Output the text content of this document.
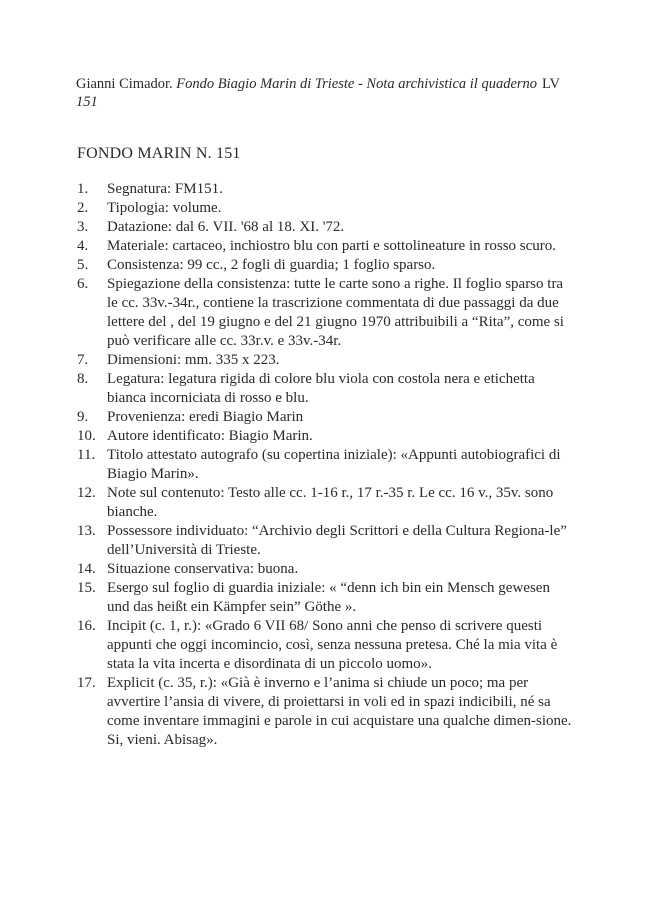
Gianni Cimador. Fondo Biagio Marin di Trieste - Nota archivistica il quaderno 151
LV
FONDO MARIN N. 151
1.	Segnatura: FM151.
2.	Tipologia: volume.
3.	Datazione: dal 6. VII. '68 al 18. XI. '72.
4.	Materiale: cartaceo, inchiostro blu con parti e sottolineature in rosso scuro.
5.	Consistenza: 99 cc., 2 fogli di guardia; 1 foglio sparso.
6.	Spiegazione della consistenza: tutte le carte sono a righe. Il foglio sparso tra le cc. 33v.-34r., contiene la trascrizione commentata di due passaggi da due lettere del , del 19 giugno e del 21 giugno 1970 attribuibili a “Rita”, come si può verificare alle cc. 33r.v. e 33v.-34r.
7.	Dimensioni: mm. 335 x 223.
8.	Legatura: legatura rigida di colore blu viola con costola nera e etichetta bianca incorniciata di rosso e blu.
9.	Provenienza: eredi Biagio Marin
10. Autore identificato: Biagio Marin.
11. Titolo attestato autografo (su copertina iniziale): «Appunti autobiografici di Biagio Marin».
12. Note sul contenuto: Testo alle cc. 1-16 r., 17 r.-35 r. Le cc. 16 v., 35v. sono bianche.
13. Possessore individuato: “Archivio degli Scrittori e della Cultura Regiona-le” dell’Università di Trieste.
14. Situazione conservativa: buona.
15. Esergo sul foglio di guardia iniziale: « “denn ich bin ein Mensch gewesen und das heißt ein Kämpfer sein” Göthe ».
16. Incipit (c. 1, r.): «Grado 6 VII 68/ Sono anni che penso di scrivere questi appunti che oggi incomincio, così, senza nessuna pretesa. Ché la mia vita è stata la vita incerta e disordinata di un piccolo uomo».
17. Explicit (c. 35, r.): «Già è inverno e l’anima si chiude un poco; ma per avvertire l’ansia di vivere, di proiettarsi in voli ed in spazi indicibili, né sa come inventare immagini e parole in cui acquistare una qualche dimen-sione. Si, vieni. Abisag».
